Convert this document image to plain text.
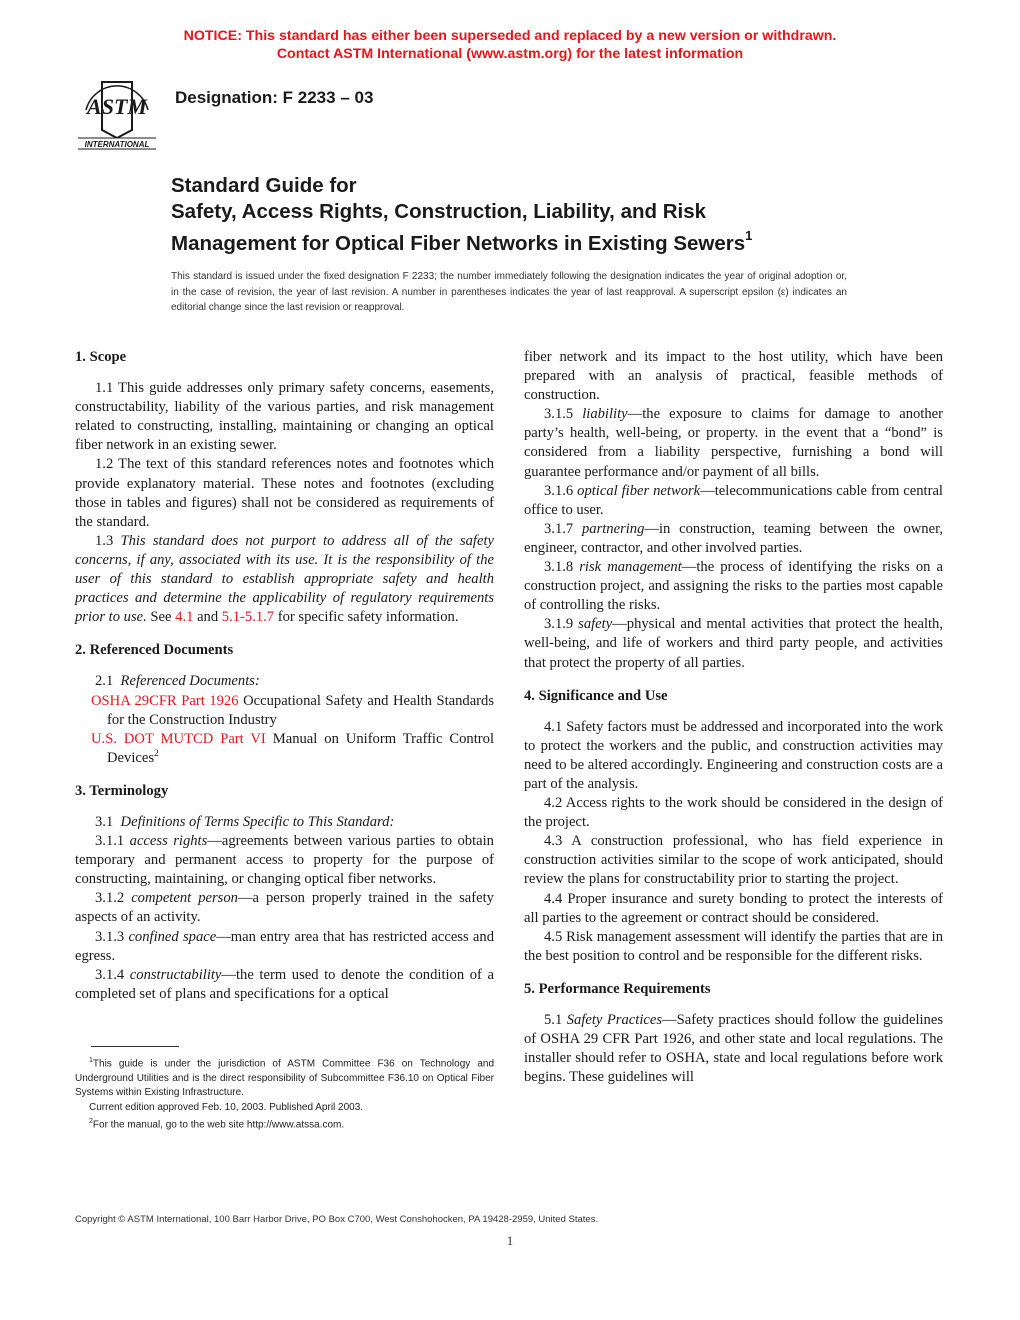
NOTICE: This standard has either been superseded and replaced by a new version or withdrawn.
Contact ASTM International (www.astm.org) for the latest information
ASTM
INTERNATIONAL
Designation: F 2233 – 03
Standard Guide for
Safety, Access Rights, Construction, Liability, and Risk
Management for Optical Fiber Networks in Existing Sewers$^1$
This standard is issued under the fixed designation F 2233; the number immediately following the designation indicates the year of original adoption or, in the case of revision, the year of last revision. A number in parentheses indicates the year of last reapproval. A superscript epsilon (ε) indicates an editorial change since the last revision or reapproval.
1. Scope

1.1 This guide addresses only primary safety concerns, easements, constructability, liability of the various parties, and risk management related to constructing, installing, maintaining or changing an optical fiber network in an existing sewer.

1.2 The text of this standard references notes and footnotes which provide explanatory material. These notes and footnotes (excluding those in tables and figures) shall not be considered as requirements of the standard.

1.3 This standard does not purport to address all of the safety concerns, if any, associated with its use. It is the responsibility of the user of this standard to establish appropriate safety and health practices and determine the applicability of regulatory requirements prior to use. See 4.1 and 5.1-5.1.7 for specific safety information.

2. Referenced Documents

2.1 Referenced Documents:

OSHA 29CFR Part 1926 Occupational Safety and Health Standards for the Construction Industry

U.S. DOT MUTCD Part VI Manual on Uniform Traffic Control Devices$^2$

3. Terminology

3.1 Definitions of Terms Specific to This Standard:

3.1.1 access rights—agreements between various parties to obtain temporary and permanent access to property for the purpose of constructing, maintaining, or changing optical fiber networks.

3.1.2 competent person—a person properly trained in the safety aspects of an activity.

3.1.3 confined space—man entry area that has restricted access and egress.

3.1.4 constructability—the term used to denote the condition of a completed set of plans and specifications for a optical

fiber network and its impact to the host utility, which have been prepared with an analysis of practical, feasible methods of construction.

3.1.5 liability—the exposure to claims for damage to another party’s health, well-being, or property. in the event that a “bond” is considered from a liability perspective, furnishing a bond will guarantee performance and/or payment of all bills.

3.1.6 optical fiber network—telecommunications cable from central office to user.

3.1.7 partnering—in construction, teaming between the owner, engineer, contractor, and other involved parties.

3.1.8 risk management—the process of identifying the risks on a construction project, and assigning the risks to the parties most capable of controlling the risks.

3.1.9 safety—physical and mental activities that protect the health, well-being, and life of workers and third party people, and activities that protect the property of all parties.

4. Significance and Use

4.1 Safety factors must be addressed and incorporated into the work to protect the workers and the public, and construction activities may need to be altered accordingly. Engineering and construction costs are a part of the analysis.

4.2 Access rights to the work should be considered in the design of the project.

4.3 A construction professional, who has field experience in construction activities similar to the scope of work anticipated, should review the plans for constructability prior to starting the project.

4.4 Proper insurance and surety bonding to protect the interests of all parties to the agreement or contract should be considered.

4.5 Risk management assessment will identify the parties that are in the best position to control and be responsible for the different risks.

5. Performance Requirements

5.1 Safety Practices—Safety practices should follow the guidelines of OSHA 29 CFR Part 1926, and other state and local regulations. The installer should refer to OSHA, state and local regulations before work begins. These guidelines will

$^1$This guide is under the jurisdiction of ASTM Committee F36 on Technology and Underground Utilities and is the direct responsibility of Subcommittee F36.10 on Optical Fiber Systems within Existing Infrastructure.

Current edition approved Feb. 10, 2003. Published April 2003.

$^2$For the manual, go to the web site http://www.atssa.com.

Copyright © ASTM International, 100 Barr Harbor Drive, PO Box C700, West Conshohocken, PA 19428-2959, United States.
1
